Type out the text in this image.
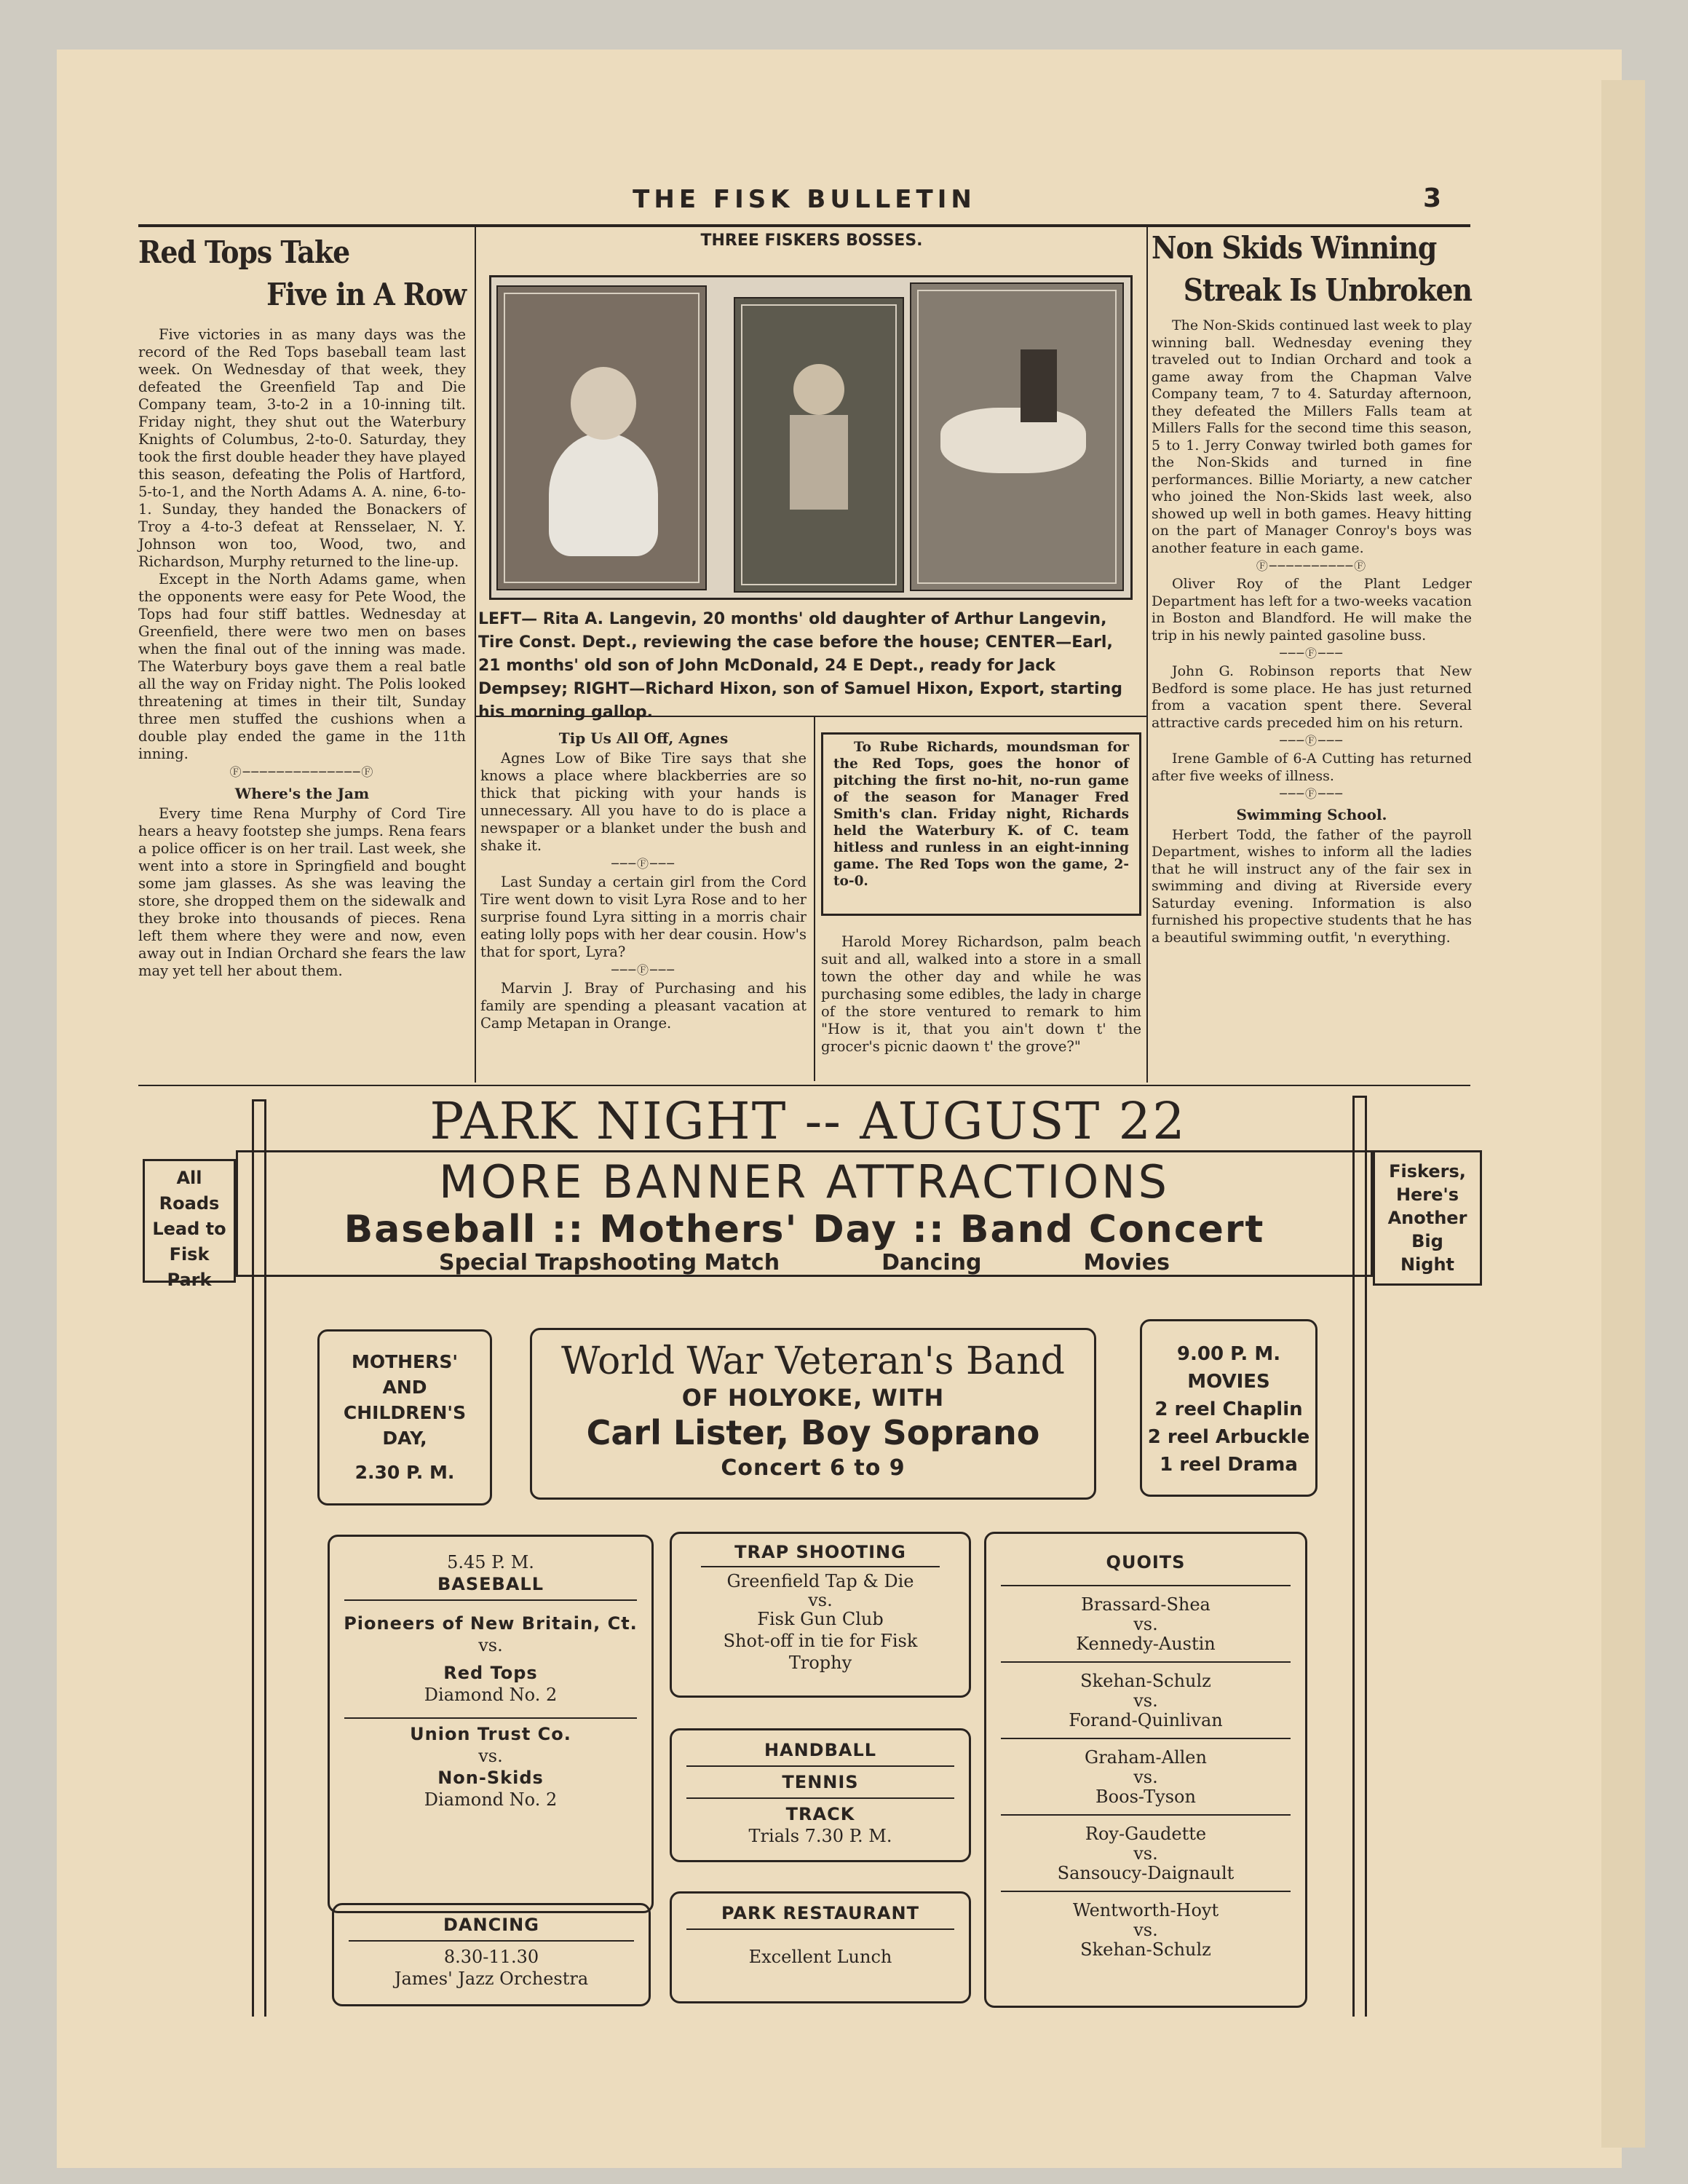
THE FISK BULLETIN	3
Red Tops Take
Five in A Row

Five victories in as many days was the record of the Red Tops baseball team last week. On Wednesday of that week, they defeated the Greenfield Tap and Die Company team, 3-to-2 in a 10-inning tilt. Friday night, they shut out the Waterbury Knights of Columbus, 2-to-0. Saturday, they took the first double header they have played this season, defeating the Polis of Hartford, 5-to-1, and the North Adams A. A. nine, 6-to-1. Sunday, they handed the Bonackers of Troy a 4-to-3 defeat at Rensselaer, N. Y. Johnson won too, Wood, two, and Richardson, Murphy returned to the line-up.

Except in the North Adams game, when the opponents were easy for Pete Wood, the Tops had four stiff battles. Wednesday at Greenfield, there were two men on bases when the final out of the inning was made. The Waterbury boys gave them a real batle all the way on Friday night. The Polis looked threatening at times in their tilt, Sunday three men stuffed the cushions when a double play ended the game in the 11th inning.

Ⓕ──────────────Ⓕ
Where's the Jam

Every time Rena Murphy of Cord Tire hears a heavy footstep she jumps. Rena fears a police officer is on her trail. Last week, she went into a store in Springfield and bought some jam glasses. As she was leaving the store, she dropped them on the sidewalk and they broke into thousands of pieces. Rena left them where they were and now, even away out in Indian Orchard she fears the law may yet tell her about them.

THREE FISKERS BOSSES.
LEFT— Rita A. Langevin, 20 months' old daughter of Arthur Langevin, Tire Const. Dept., reviewing the case before the house; CENTER—Earl, 21 months' old son of John McDonald, 24 E Dept., ready for Jack Dempsey; RIGHT—Richard Hixon, son of Samuel Hixon, Export, starting his morning gallop.
Tip Us All Off, Agnes

Agnes Low of Bike Tire says that she knows a place where blackberries are so thick that picking with your hands is unnecessary. All you have to do is place a newspaper or a blanket under the bush and shake it.

───Ⓕ───

Last Sunday a certain girl from the Cord Tire went down to visit Lyra Rose and to her surprise found Lyra sitting in a morris chair eating lolly pops with her dear cousin. How's that for sport, Lyra?

───Ⓕ───

Marvin J. Bray of Purchasing and his family are spending a pleasant vacation at Camp Metapan in Orange.

To Rube Richards, moundsman for the Red Tops, goes the honor of pitching the first no-hit, no-run game of the season for Manager Fred Smith's clan. Friday night, Richards held the Waterbury K. of C. team hitless and runless in an eight-inning game. The Red Tops won the game, 2-to-0.

Harold Morey Richardson, palm beach suit and all, walked into a store in a small town the other day and while he was purchasing some edibles, the lady in charge of the store ventured to remark to him "How is it, that you ain't down t' the grocer's picnic daown t' the grove?"

Non Skids Winning
Streak Is Unbroken

The Non-Skids continued last week to play winning ball. Wednesday evening they traveled out to Indian Orchard and took a game away from the Chapman Valve Company team, 7 to 4. Saturday afternoon, they defeated the Millers Falls team at Millers Falls for the second time this season, 5 to 1. Jerry Conway twirled both games for the Non-Skids and turned in fine performances. Billie Moriarty, a new catcher who joined the Non-Skids last week, also showed up well in both games. Heavy hitting on the part of Manager Conroy's boys was another feature in each game.

Ⓕ──────────Ⓕ

Oliver Roy of the Plant Ledger Department has left for a two-weeks vacation in Boston and Blandford. He will make the trip in his newly painted gasoline buss.

───Ⓕ───

John G. Robinson reports that New Bedford is some place. He has just returned from a vacation spent there. Several attractive cards preceded him on his return.

───Ⓕ───

Irene Gamble of 6-A Cutting has returned after five weeks of illness.

───Ⓕ───
Swimming School.

Herbert Todd, the father of the payroll Department, wishes to inform all the ladies that he will instruct any of the fair sex in swimming and diving at Riverside every Saturday evening. Information is also furnished his propective students that he has a beautiful swimming outfit, 'n everything.

PARK NIGHT -- AUGUST 22
All Roads
Lead to
Fisk
Park
Fiskers,
Here's
Another
Big
Night
MORE BANNER ATTRACTIONS
Baseball :: Mothers' Day :: Band Concert
Special Trapshooting Match	Dancing	Movies
MOTHERS'
AND
CHILDREN'S
DAY,
2.30 P. M.
World War Veteran's Band
OF HOLYOKE, WITH
Carl Lister, Boy Soprano
Concert 6 to 9
9.00 P. M.
MOVIES
2 reel Chaplin
2 reel Arbuckle
1 reel Drama
5.45 P. M.
BASEBALL
Pioneers of New Britain, Ct.
vs.
Red Tops
Diamond No. 2
Union Trust Co.
vs.
Non-Skids
Diamond No. 2
TRAP SHOOTING
Greenfield Tap & Die
vs.
Fisk Gun Club
Shot-off in tie for Fisk
Trophy
HANDBALL
TENNIS
TRACK
Trials 7.30 P. M.
QUOITS
Brassard-Shea
vs.
Kennedy-Austin
Skehan-Schulz
vs.
Forand-Quinlivan
Graham-Allen
vs.
Boos-Tyson
Roy-Gaudette
vs.
Sansoucy-Daignault
Wentworth-Hoyt
vs.
Skehan-Schulz
DANCING
8.30-11.30
James' Jazz Orchestra
PARK RESTAURANT
Excellent Lunch
